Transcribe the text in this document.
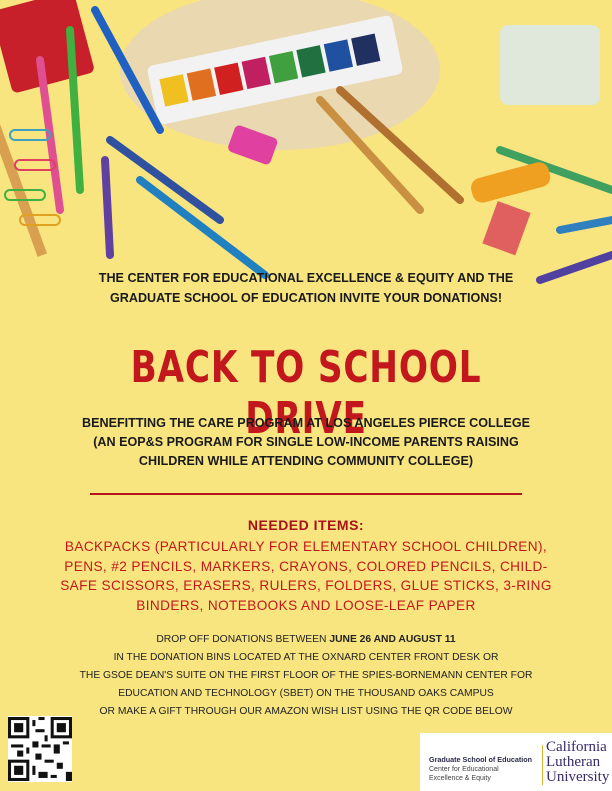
THE CENTER FOR EDUCATIONAL EXCELLENCE & EQUITY AND THE
GRADUATE SCHOOL OF EDUCATION INVITE YOUR DONATIONS!
BACK TO SCHOOL DRIVE
BENEFITTING THE CARE PROGRAM AT LOS ANGELES PIERCE COLLEGE
(AN EOP&S PROGRAM FOR SINGLE LOW-INCOME PARENTS RAISING
CHILDREN WHILE ATTENDING COMMUNITY COLLEGE)
NEEDED ITEMS:
BACKPACKS (PARTICULARLY FOR ELEMENTARY SCHOOL CHILDREN),
PENS, #2 PENCILS, MARKERS, CRAYONS, COLORED PENCILS, CHILD-
SAFE SCISSORS, ERASERS, RULERS, FOLDERS, GLUE STICKS, 3-RING
BINDERS, NOTEBOOKS AND LOOSE-LEAF PAPER
DROP OFF DONATIONS BETWEEN JUNE 26 AND AUGUST 11
IN THE DONATION BINS LOCATED AT THE OXNARD CENTER FRONT DESK OR
THE GSOE DEAN'S SUITE ON THE FIRST FLOOR OF THE SPIES-BORNEMANN CENTER FOR
EDUCATION AND TECHNOLOGY (SBET) ON THE THOUSAND OAKS CAMPUS
OR MAKE A GIFT THROUGH OUR AMAZON WISH LIST USING THE QR CODE BELOW
Graduate School of Education
Center for Educational
Excellence & Equity
California
Lutheran
University
